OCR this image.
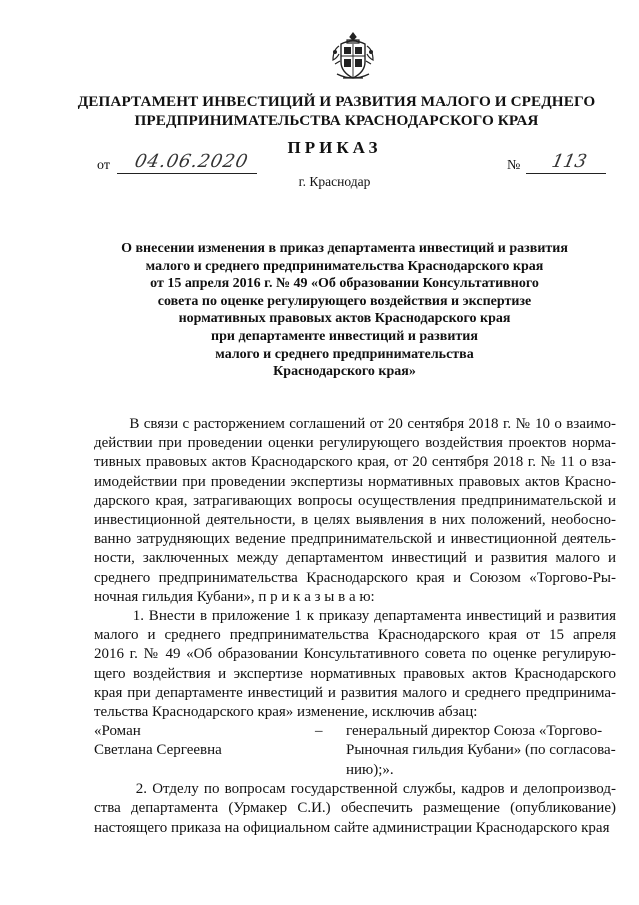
ДЕПАРТАМЕНТ ИНВЕСТИЦИЙ И РАЗВИТИЯ МАЛОГО И СРЕДНЕГО
ПРЕДПРИНИМАТЕЛЬСТВА КРАСНОДАРСКОГО КРАЯ
ПРИКАЗ
от 04.06.2020	№ 113
г. Краснодар
О внесении изменения в приказ департамента инвестиций и развития
малого и среднего предпринимательства Краснодарского края
от 15 апреля 2016 г. № 49 «Об образовании Консультативного
совета по оценке регулирующего воздействия и экспертизе
нормативных правовых актов Краснодарского края
при департаменте инвестиций и развития
малого и среднего предпринимательства
Краснодарского края»
В связи с расторжением соглашений от 20 сентября 2018 г. № 10 о взаимо-
действии при проведении оценки регулирующего воздействия проектов норма-
тивных правовых актов Краснодарского края, от 20 сентября 2018 г. № 11 о вза-
имодействии при проведении экспертизы нормативных правовых актов Красно-
дарского края, затрагивающих вопросы осуществления предпринимательской и
инвестиционной деятельности, в целях выявления в них положений, необосно-
ванно затрудняющих ведение предпринимательской и инвестиционной деятель-
ности, заключенных между департаментом инвестиций и развития малого и
среднего предпринимательства Краснодарского края и Союзом «Торгово-Ры-
ночная гильдия Кубани», п р и к а з ы в а ю:
1. Внести в приложение 1 к приказу департамента инвестиций и развития
малого и среднего предпринимательства Краснодарского края от 15 апреля
2016 г. № 49 «Об образовании Консультативного совета по оценке регулирую-
щего воздействия и экспертизе нормативных правовых актов Краснодарского
края при департаменте инвестиций и развития малого и среднего предпринима-
тельства Краснодарского края» изменение, исключив абзац:
«Роман
Светлана Сергеевна
– генеральный директор Союза «Торгово-
Рыночная гильдия Кубани» (по согласова-
нию);».
2. Отделу по вопросам государственной службы, кадров и делопроизвод-
ства департамента (Урмакер С.И.) обеспечить размещение (опубликование)
настоящего приказа на официальном сайте администрации Краснодарского края
